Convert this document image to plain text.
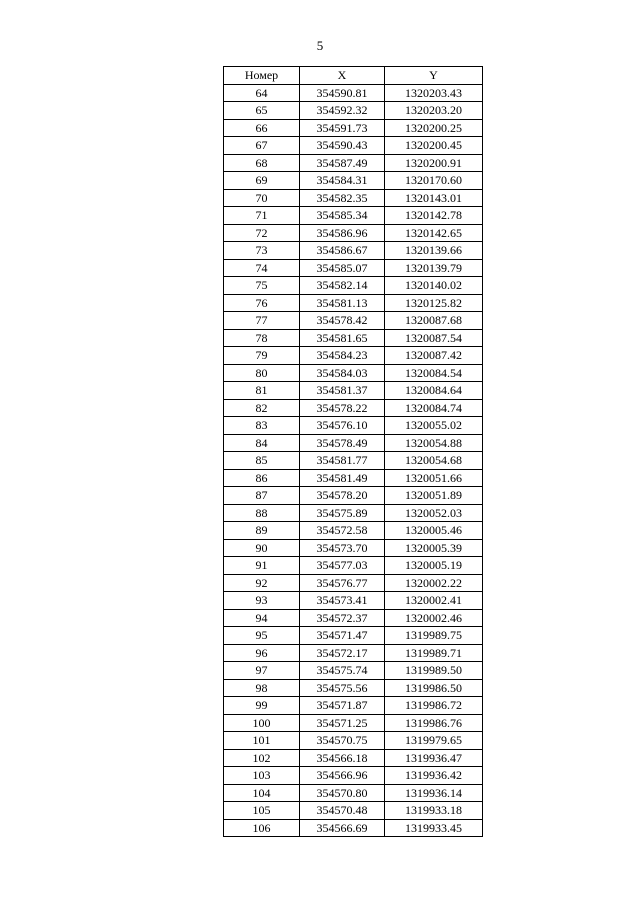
5
Номер	X	Y
64	354590.81	1320203.43
65	354592.32	1320203.20
66	354591.73	1320200.25
67	354590.43	1320200.45
68	354587.49	1320200.91
69	354584.31	1320170.60
70	354582.35	1320143.01
71	354585.34	1320142.78
72	354586.96	1320142.65
73	354586.67	1320139.66
74	354585.07	1320139.79
75	354582.14	1320140.02
76	354581.13	1320125.82
77	354578.42	1320087.68
78	354581.65	1320087.54
79	354584.23	1320087.42
80	354584.03	1320084.54
81	354581.37	1320084.64
82	354578.22	1320084.74
83	354576.10	1320055.02
84	354578.49	1320054.88
85	354581.77	1320054.68
86	354581.49	1320051.66
87	354578.20	1320051.89
88	354575.89	1320052.03
89	354572.58	1320005.46
90	354573.70	1320005.39
91	354577.03	1320005.19
92	354576.77	1320002.22
93	354573.41	1320002.41
94	354572.37	1320002.46
95	354571.47	1319989.75
96	354572.17	1319989.71
97	354575.74	1319989.50
98	354575.56	1319986.50
99	354571.87	1319986.72
100	354571.25	1319986.76
101	354570.75	1319979.65
102	354566.18	1319936.47
103	354566.96	1319936.42
104	354570.80	1319936.14
105	354570.48	1319933.18
106	354566.69	1319933.45
